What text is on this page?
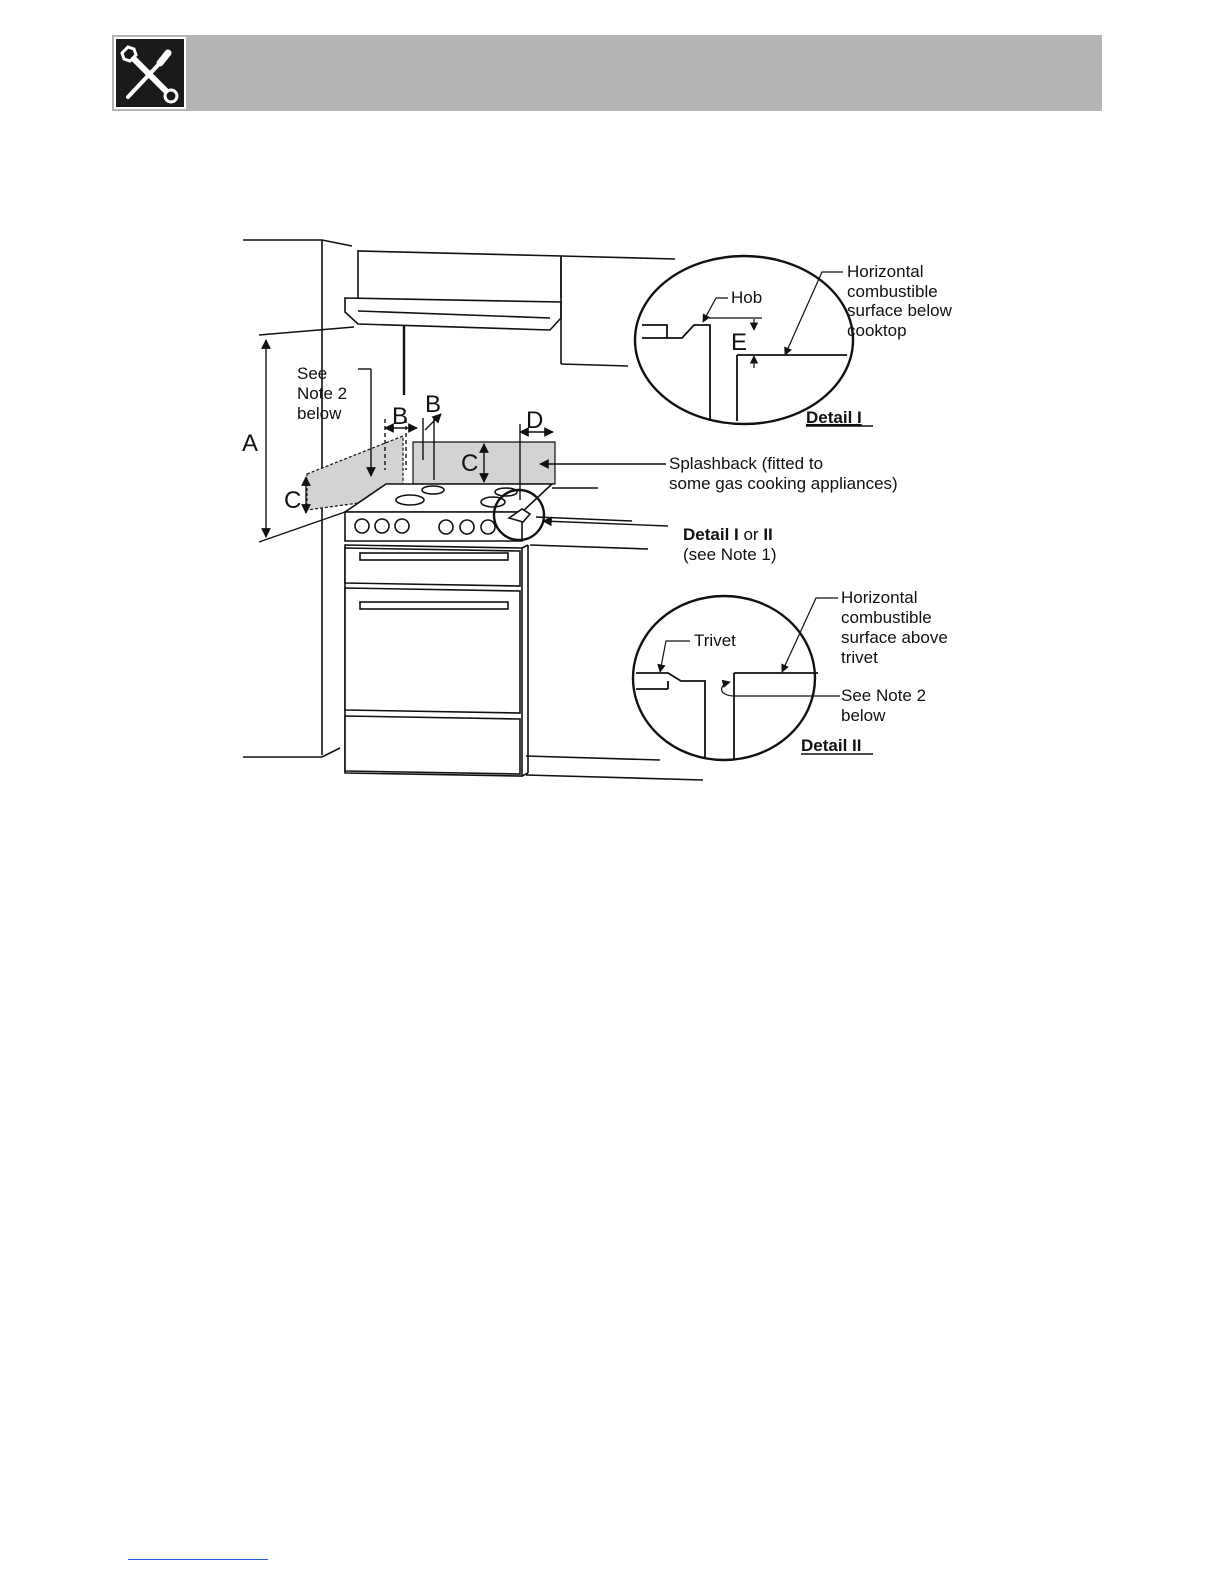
A
C
B B
C
D
See
Note 2
below
Splashback (fitted to
some gas cooking appliances)
Detail I or II
(see Note 1)
Hob
E
Horizontal
combustible
surface below
cooktop
Detail I
Trivet
Horizontal
combustible
surface above
trivet
See Note 2
below
Detail II
